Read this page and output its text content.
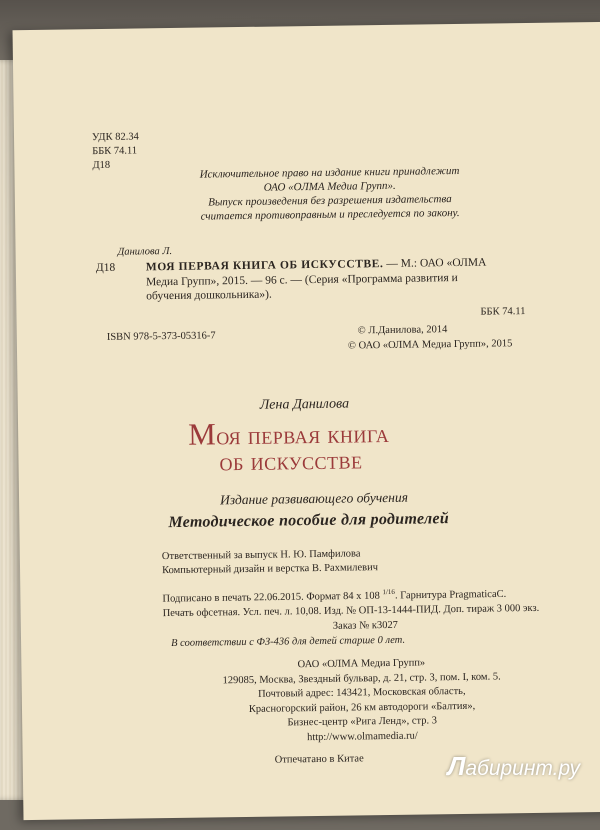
УДК 82.34
ББК 74.11
Д18	Исключительное право на издание книги принадлежит
ОАО «ОЛМА Медиа Групп».
Выпуск произведения без разрешения издательства
считается противоправным и преследуется по закону.
Данилова Л.
Д18	МОЯ ПЕРВАЯ КНИГА ОБ ИСКУССТВЕ. — М.: ОАО «ОЛМА
Медиа Групп», 2015. — 96 с. — (Серия «Программа развития и
обучения дошкольника»).
ББК 74.11
ISBN 978-5-373-05316-7
© Л.Данилова, 2014
© ОАО «ОЛМА Медиа Групп», 2015
Лена Данилова
Моя первая книга
об искусстве
Издание развивающего обучения
Методическое пособие для родителей
Ответственный за выпуск Н. Ю. Памфилова
Компьютерный дизайн и верстка В. Рахмилевич
Подписано в печать 22.06.2015. Формат 84 х 108 $^{1/16}$. Гарнитура PragmaticaC.
Печать офсетная. Усл. печ. л. 10,08. Изд. № ОП-13-1444-ПИД. Доп. тираж 3 000 экз.
Заказ № к3027
В соответствии с ФЗ-436 для детей старше 0 лет.
ОАО «ОЛМА Медиа Групп»
129085, Москва, Звездный бульвар, д. 21, стр. 3, пом. I, ком. 5.
Почтовый адрес: 143421, Московская область,
Красногорский район, 26 км автодороги «Балтия»,
Бизнес-центр «Рига Ленд», стр. 3
http://www.olmamedia.ru/
Отпечатано в Китае	Лабиринт.ру
